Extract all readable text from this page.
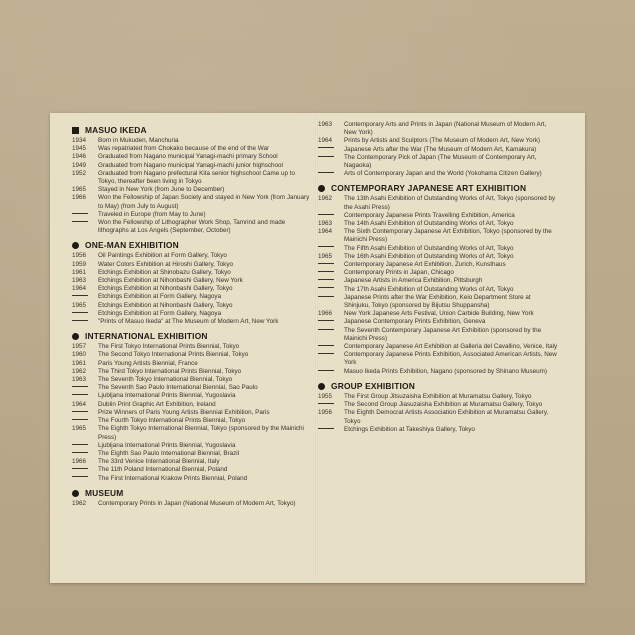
MASUO IKEDA
1934	Born in Mukuden, Manchuria
1945	Was repatriated from Chokako because of the end of the War
1946	Graduated from Nagano municipal Yanagi-machi primary School
1949	Graduated from Nagano municipal Yanagi-machi junior highschool
1952	Graduated from Nagano prefectural Kita senior highschool Came up to Tokyo, thereafter been living in Tokyo
1965	Stayed in New York (from June to December)
1966	Won the Fellowship of Japan Society and stayed in New York (from January to May) (from July to August)
Traveled in Europe (from May to June)
Won the Fellowship of Lithographer Work Shop, Tamrind and made lithographs at Los Angels (September, October)
ONE-MAN EXHIBITION
1956	Oil Paintings Exhibition at Form Gallery, Tokyo
1959	Water Colors Exhibition at Hiroshi Gallery, Tokyo
1961	Etchings Exhibition at Shinobazu Gallery, Tokyo
1963	Etchings Exhibition at Nihonbashi Gallery, New York
1964	Etchings Exhibition at Nihonbashi Gallery, Tokyo
Etchings Exhibition at Form Gallery, Nagoya
1965	Etchings Exhibition at Nihonbashi Gallery, Tokyo
Etchings Exhibition at Form Gallery, Nagoya
"Prints of Masuo Ikeda" at The Museum of Modern Art, New York
INTERNATIONAL EXHIBITION
1957	The First Tokyo International Prints Biennial, Tokyo
1960	The Second Tokyo International Prints Biennial, Tokyo
1961	Paris Young Artists Biennial, France
1962	The Third Tokyo International Prints Biennial, Tokyo
1963	The Seventh Tokyo International Biennial, Tokyo
The Seventh Sao Paulo International Biennial, Sao Paulo
Ljubljana International Prints Biennial, Yugoslavia
1964	Dublin Print Graphic Art Exhibition, Ireland
Prize Winners of Paris Young Artists Biennial Exhibition, Paris
The Fourth Tokyo International Prints Biennial, Tokyo
1965	The Eighth Tokyo International Biennial, Tokyo (sponsored by the Mainichi Press)
Ljubljana International Prints Biennial, Yugoslavia
The Eighth Sao Paulo International Biennial, Brazil
1966	The 33rd Venice International Biennial, Italy
The 11th Poland International Biennial, Poland
The First International Krakow Prints Biennial, Poland
MUSEUM
1962	Contemporary Prints in Japan (National Museum of Modern Art, Tokyo)
1963	Contemporary Arts and Prints in Japan (National Museum of Modern Art, New York)
1964	Prints by Artists and Sculptors (The Museum of Modern Art, New York)
Japanese Arts after the War (The Museum of Modern Art, Kamakura)
The Contemporary Pick of Japan (The Museum of Contemporary Art, Nagaoka)
Arts of Contemporary Japan and the World (Yokohama Citizen Gallery)
CONTEMPORARY JAPANESE ART EXHIBITION
1962	The 13th Asahi Exhibition of Outstanding Works of Art, Tokyo (sponsored by the Asahi Press)
Contemporary Japanese Prints Travelling Exhibition, America
1963	The 14th Asahi Exhibition of Outstanding Works of Art, Tokyo
1964	The Sixth Contemporary Japanese Art Exhibition, Tokyo (sponsored by the Mainichi Press)
The Fifth Asahi Exhibition of Outstanding Works of Art, Tokyo
1965	The 16th Asahi Exhibition of Outstanding Works of Art, Tokyo
Contemporary Japanese Art Exhibition, Zurich, Kunsthaus
Contemporary Prints in Japan, Chicago
Japanese Artists in America Exhibition, Pittsburgh
The 17th Asahi Exhibition of Outstanding Works of Art, Tokyo
Japanese Prints after the War Exhibition, Keio Department Store at Shinjuku, Tokyo (sponsored by Bijutsu Shuppansha)
1966	New York Japanese Arts Festival, Union Carbide Building, New York
Japanese Contemporary Prints Exhibition, Geneva
The Seventh Contemporary Japanese Art Exhibition (sponsored by the Mainichi Press)
Contemporary Japanese Art Exhibition at Galleria del Cavallino, Venice, Italy
Contemporary Japanese Prints Exhibition, Associated American Artists, New York
Masuo Ikeda Prints Exhibition, Nagano (sponsored by Shinano Museum)
GROUP EXHIBITION
1955	The First Group Jitsuzaisha Exhibition at Muramatsu Gallery, Tokyo
The Second Group Jiasuzaisha Exhibition at Muramatsu Gallery, Tokyo
1956	The Eighth Democrat Artists Association Exhibition at Muramatsu Gallery, Tokyo
Etchings Exhibition at Takeshiya Gallery, Tokyo
